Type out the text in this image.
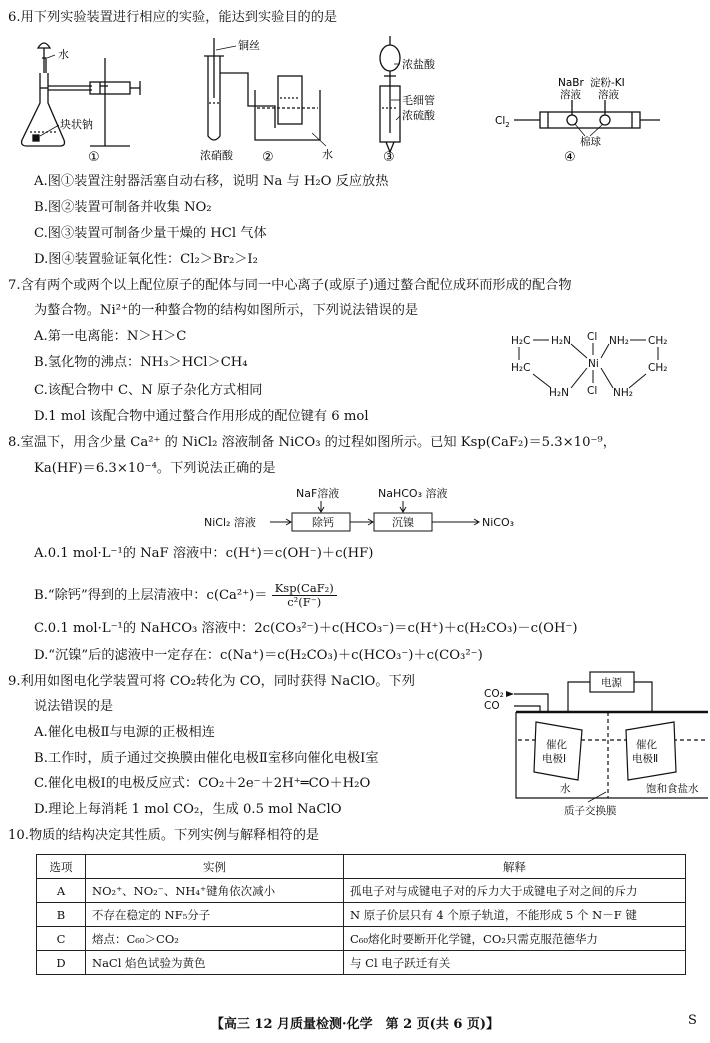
6.用下列实验装置进行相应的实验，能达到实验目的的是
水
块状钠
①
铜丝
浓硝酸	水
②
浓盐酸
毛细管
浓硫酸
③
NaBr
溶液
淀粉-KI
溶液
棉球
$Cl_2$
④
A.图①装置注射器活塞自动右移，说明 Na 与 H₂O 反应放热
B.图②装置可制备并收集 NO₂
C.图③装置可制备少量干燥的 HCl 气体
D.图④装置验证氧化性：Cl₂＞Br₂＞I₂
7.含有两个或两个以上配位原子的配体与同一中心离子(或原子)通过螯合配位成环而形成的配合物
为螯合物。Ni²⁺的一种螯合物的结构如图所示，下列说法错误的是
A.第一电离能：N＞H＞C
B.氢化物的沸点：NH₃＞HCl＞CH₄
C.该配合物中 C、N 原子杂化方式相同
D.1 mol 该配合物中通过螯合作用形成的配位键有 6 mol
H₂C H₂N Cl NH₂ CH₂
Ni
H₂C	CH₂
H₂N Cl NH₂
8.室温下，用含少量 Ca²⁺ 的 NiCl₂ 溶液制备 NiCO₃ 的过程如图所示。已知 Ksp(CaF₂)＝5.3×10⁻⁹，
Ka(HF)＝6.3×10⁻⁴。下列说法正确的是
NaF溶液	NaHCO₃ 溶液
NiCl₂ 溶液	除钙	沉镍	NiCO₃
A.0.1 mol·L⁻¹的 NaF 溶液中：c(H⁺)＝c(OH⁻)＋c(HF)
B.“除钙”得到的上层清液中：c(Ca²⁺)＝ Ksp(CaF₂)
c²(F⁻)
C.0.1 mol·L⁻¹的 NaHCO₃ 溶液中：2c(CO₃²⁻)＋c(HCO₃⁻)＝c(H⁺)＋c(H₂CO₃)－c(OH⁻)
D.“沉镍”后的滤液中一定存在：c(Na⁺)＝c(H₂CO₃)＋c(HCO₃⁻)＋c(CO₃²⁻)
9.利用如图电化学装置可将 CO₂转化为 CO，同时获得 NaClO。下列
说法错误的是
A.催化电极Ⅱ与电源的正极相连
B.工作时，质子通过交换膜由催化电极Ⅱ室移向催化电极Ⅰ室
C.催化电极Ⅰ的电极反应式：CO₂＋2e⁻＋2H⁺═CO＋H₂O
D.理论上每消耗 1 mol CO₂，生成 0.5 mol NaClO
电源
CO₂
CO
催化
电极Ⅰ
催化
电极Ⅱ
水	饱和食盐水
质子交换膜
10.物质的结构决定其性质。下列实例与解释相符的是
选项	实例	解释
A	NO₂⁺、NO₂⁻、NH₄⁺键角依次减小	孤电子对与成键电子对的斥力大于成键电子对之间的斥力
B	不存在稳定的 NF₅分子	N 原子价层只有 4 个原子轨道，不能形成 5 个 N－F 键
C	熔点：C₆₀＞CO₂	C₆₀熔化时要断开化学键，CO₂只需克服范德华力
D	NaCl 焰色试验为黄色	与 Cl 电子跃迁有关
【高三 12 月质量检测·化学　第 2 页(共 6 页)】	S
